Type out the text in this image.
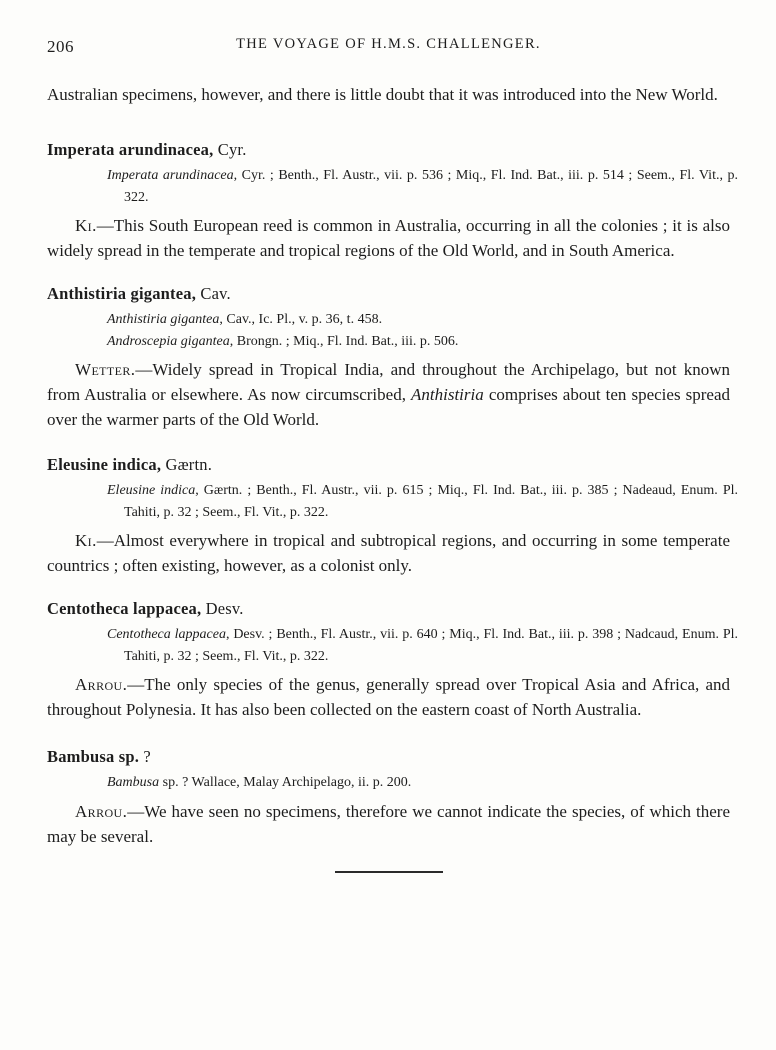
206	THE VOYAGE OF H.M.S. CHALLENGER.

Australian specimens, however, and there is little doubt that it was introduced into the New World.

Imperata arundinacea, Cyr.

Imperata arundinacea, Cyr. ; Benth., Fl. Austr., vii. p. 536 ; Miq., Fl. Ind. Bat., iii. p. 514 ; Seem., Fl. Vit., p. 322.

Ki.—This South European reed is common in Australia, occurring in all the colonies ; it is also widely spread in the temperate and tropical regions of the Old World, and in South America.

Anthistiria gigantea, Cav.

Anthistiria gigantea, Cav., Ic. Pl., v. p. 36, t. 458.

Androscepia gigantea, Brongn. ; Miq., Fl. Ind. Bat., iii. p. 506.

Wetter.—Widely spread in Tropical India, and throughout the Archipelago, but not known from Australia or elsewhere. As now circumscribed, Anthistiria comprises about ten species spread over the warmer parts of the Old World.

Eleusine indica, Gærtn.

Eleusine indica, Gærtn. ; Benth., Fl. Austr., vii. p. 615 ; Miq., Fl. Ind. Bat., iii. p. 385 ; Nadeaud, Enum. Pl. Tahiti, p. 32 ; Seem., Fl. Vit., p. 322.

Ki.—Almost everywhere in tropical and subtropical regions, and occurring in some temperate countrics ; often existing, however, as a colonist only.

Centotheca lappacea, Desv.

Centotheca lappacea, Desv. ; Benth., Fl. Austr., vii. p. 640 ; Miq., Fl. Ind. Bat., iii. p. 398 ; Nadcaud, Enum. Pl. Tahiti, p. 32 ; Seem., Fl. Vit., p. 322.

Arrou.—The only species of the genus, generally spread over Tropical Asia and Africa, and throughout Polynesia. It has also been collected on the eastern coast of North Australia.

Bambusa sp. ?

Bambusa sp. ? Wallace, Malay Archipelago, ii. p. 200.

Arrou.—We have seen no specimens, therefore we cannot indicate the species, of which there may be several.
